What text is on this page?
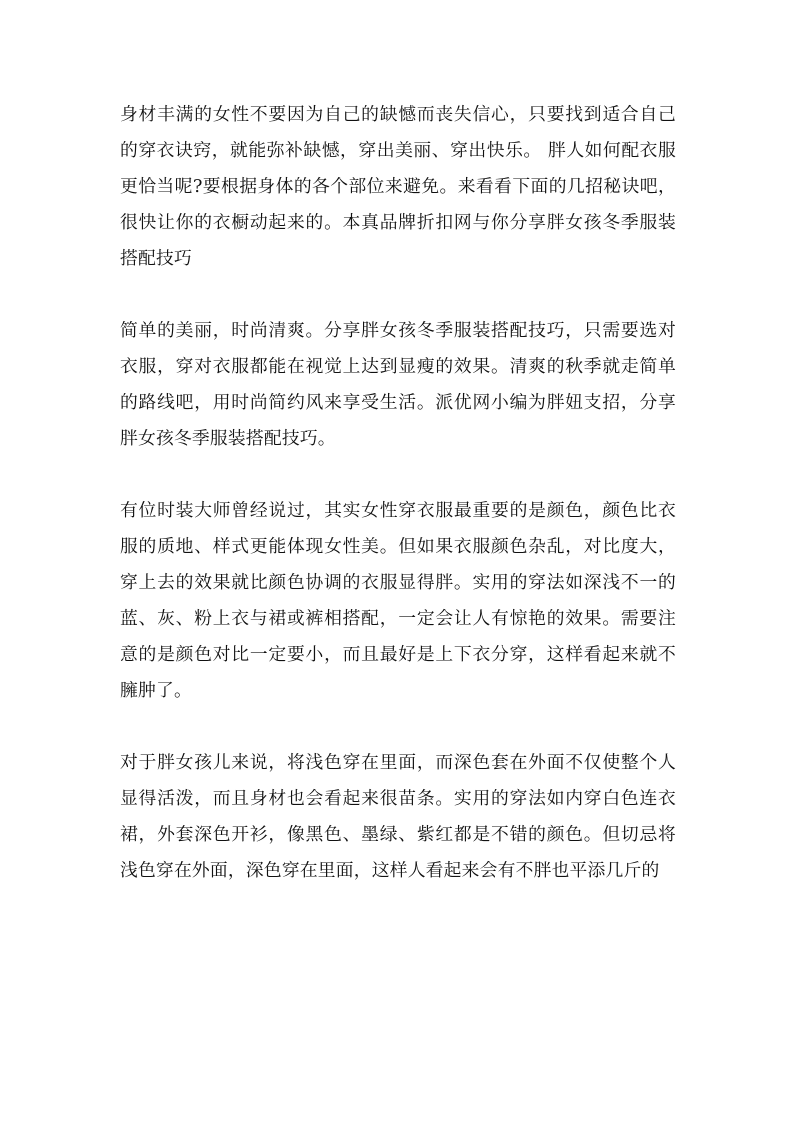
身材丰满的女性不要因为自己的缺憾而丧失信心，只要找到适合自己的穿衣诀窍，就能弥补缺憾，穿出美丽、穿出快乐。 胖人如何配衣服更恰当呢?要根据身体的各个部位来避免。来看看下面的几招秘诀吧，很快让你的衣橱动起来的。本真品牌折扣网与你分享胖女孩冬季服装搭配技巧

简单的美丽，时尚清爽。分享胖女孩冬季服装搭配技巧，只需要选对衣服，穿对衣服都能在视觉上达到显瘦的效果。清爽的秋季就走简单的路线吧，用时尚简约风来享受生活。派优网小编为胖妞支招，分享胖女孩冬季服装搭配技巧。

有位时装大师曾经说过，其实女性穿衣服最重要的是颜色，颜色比衣服的质地、样式更能体现女性美。但如果衣服颜色杂乱，对比度大，穿上去的效果就比颜色协调的衣服显得胖。实用的穿法如深浅不一的蓝、灰、粉上衣与裙或裤相搭配，一定会让人有惊艳的效果。需要注意的是颜色对比一定要小，而且最好是上下衣分穿，这样看起来就不臃肿了。

对于胖女孩儿来说，将浅色穿在里面，而深色套在外面不仅使整个人显得活泼，而且身材也会看起来很苗条。实用的穿法如内穿白色连衣裙，外套深色开衫，像黑色、墨绿、紫红都是不错的颜色。但切忌将浅色穿在外面，深色穿在里面，这样人看起来会有不胖也平添几斤的
